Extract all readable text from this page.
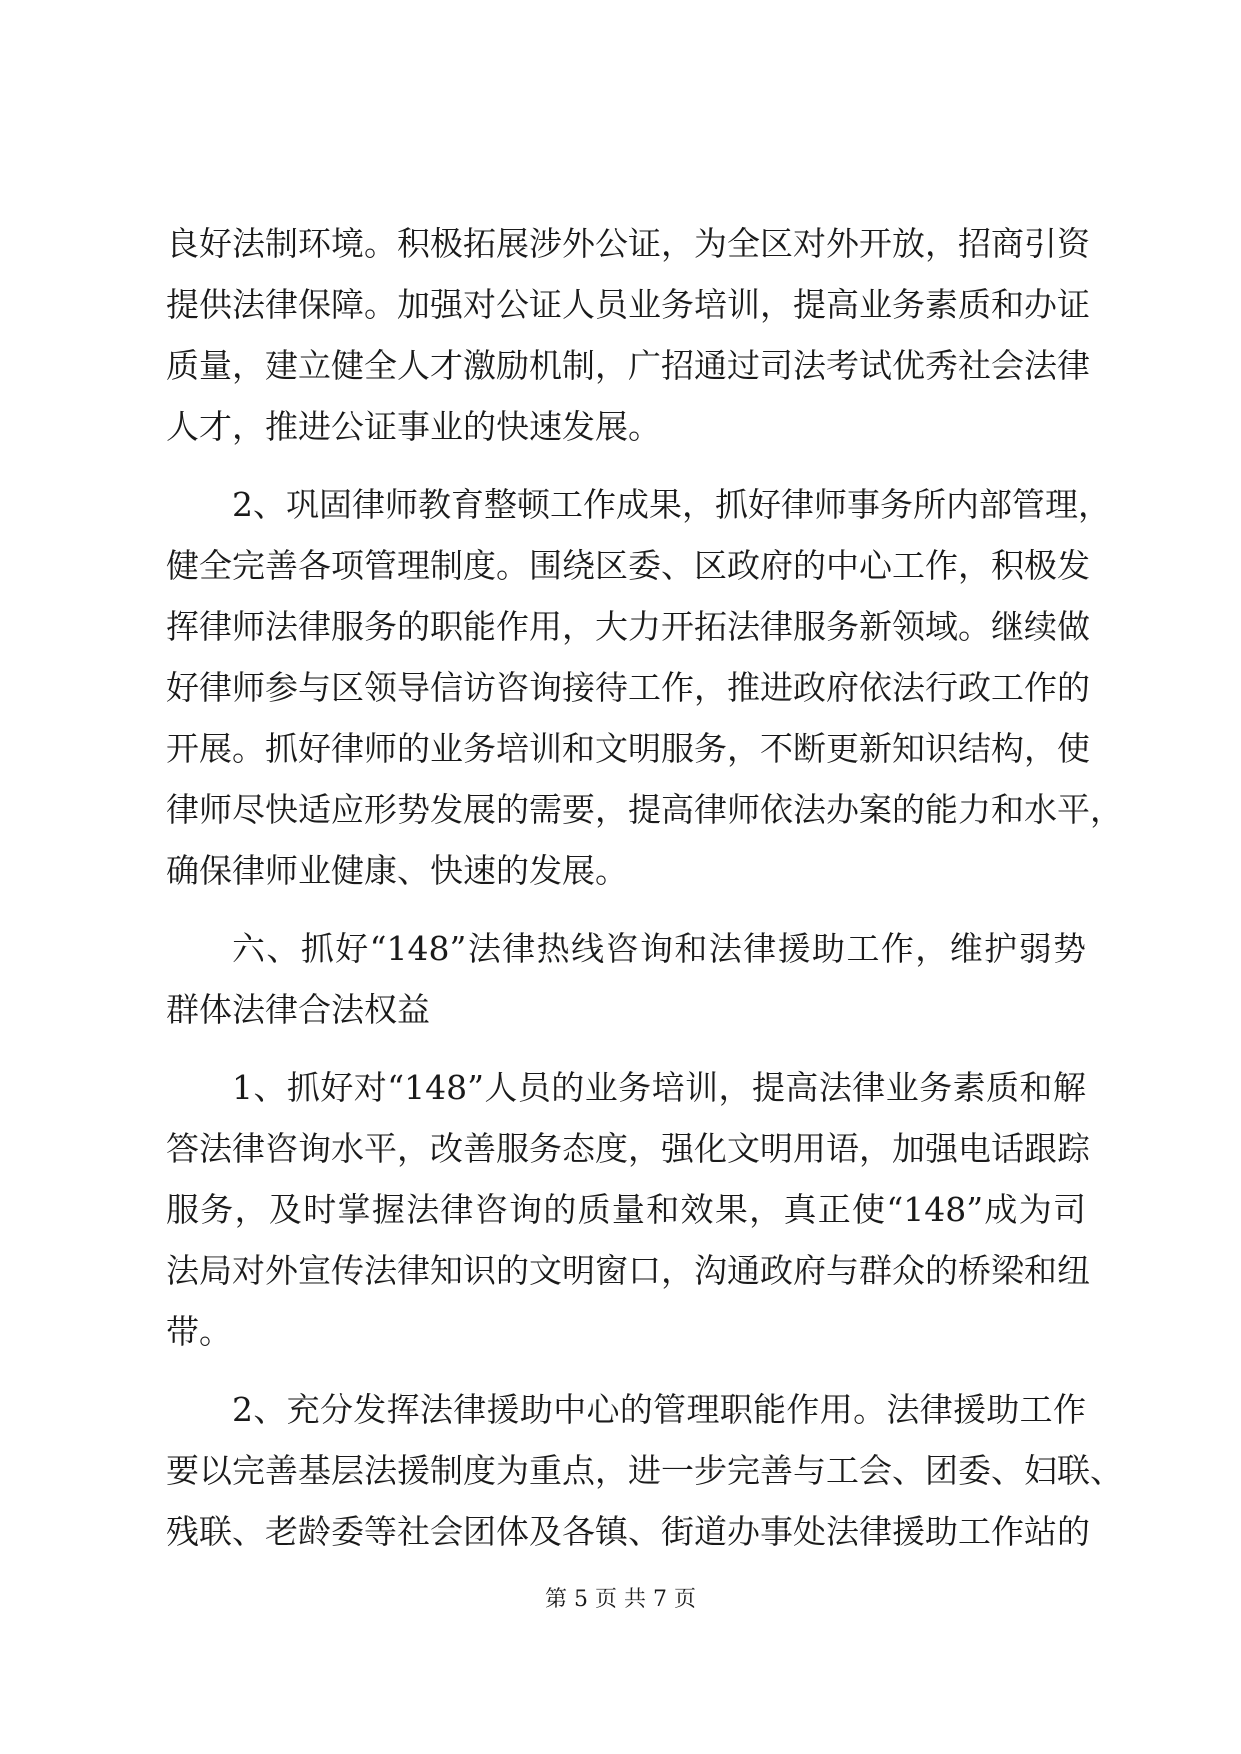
良好法制环境。积极拓展涉外公证，为全区对外开放，招商引资
提供法律保障。加强对公证人员业务培训，提高业务素质和办证
质量，建立健全人才激励机制，广招通过司法考试优秀社会法律
人才，推进公证事业的快速发展。
2、巩固律师教育整顿工作成果，抓好律师事务所内部管理，
健全完善各项管理制度。围绕区委、区政府的中心工作，积极发
挥律师法律服务的职能作用，大力开拓法律服务新领域。继续做
好律师参与区领导信访咨询接待工作，推进政府依法行政工作的
开展。抓好律师的业务培训和文明服务，不断更新知识结构，使
律师尽快适应形势发展的需要，提高律师依法办案的能力和水平，
确保律师业健康、快速的发展。
六、抓好“148”法律热线咨询和法律援助工作，维护弱势
群体法律合法权益
1、抓好对“148”人员的业务培训，提高法律业务素质和解
答法律咨询水平，改善服务态度，强化文明用语，加强电话跟踪
服务，及时掌握法律咨询的质量和效果，真正使“148”成为司
法局对外宣传法律知识的文明窗口，沟通政府与群众的桥梁和纽
带。
2、充分发挥法律援助中心的管理职能作用。法律援助工作
要以完善基层法援制度为重点，进一步完善与工会、团委、妇联、
残联、老龄委等社会团体及各镇、街道办事处法律援助工作站的
第 5 页 共 7 页
